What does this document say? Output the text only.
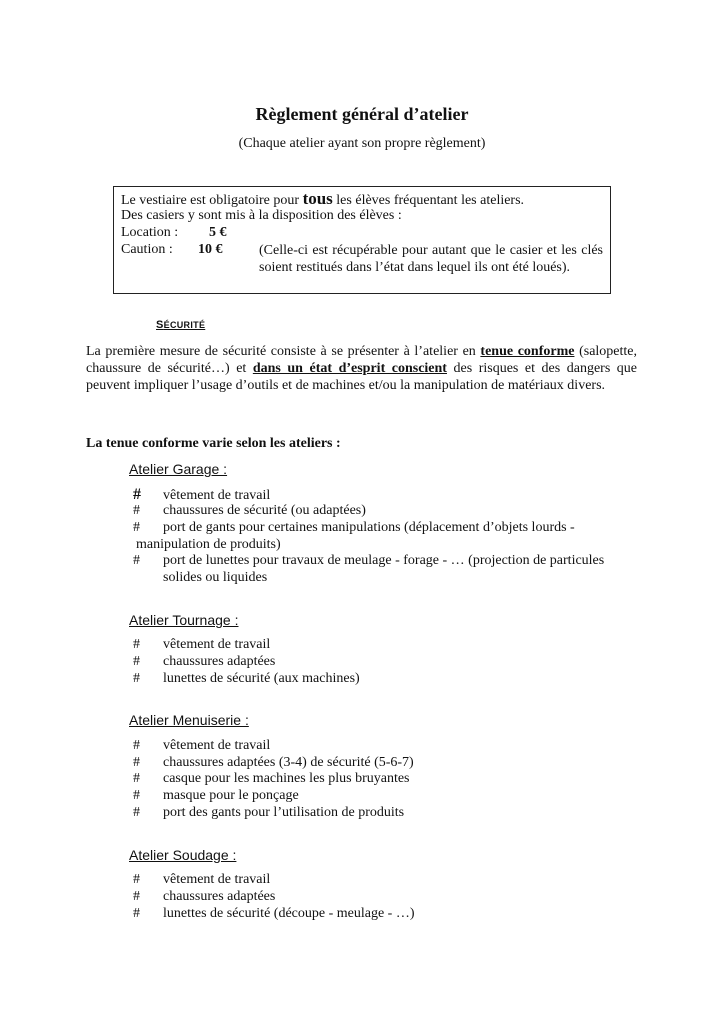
Règlement général d’atelier
(Chaque atelier ayant son propre règlement)
Le vestiaire est obligatoire pour tous les élèves fréquentant les ateliers.
Des casiers y sont mis à la disposition des élèves :
Location : 5 €
Caution : 10 €	(Celle-ci est récupérable pour autant que le casier et les clés soient restitués dans l’état dans lequel ils ont été loués).
SÉCURITÉ
La première mesure de sécurité consiste à se présenter à l’atelier en tenue conforme (salopette, chaussure de sécurité…) et dans un état d’esprit conscient des risques et des dangers que peuvent impliquer l’usage d’outils et de machines et/ou la manipulation de matériaux divers.
La tenue conforme varie selon les ateliers :
Atelier Garage :
# vêtement de travail
# chaussures de sécurité (ou adaptées)
# port de gants pour certaines manipulations (déplacement d’objets lourds -
manipulation de produits)
# port de lunettes pour travaux de meulage - forage - … (projection de particules
solides ou liquides
Atelier Tournage :
# vêtement de travail
# chaussures adaptées
# lunettes de sécurité (aux machines)
Atelier Menuiserie :
# vêtement de travail
# chaussures adaptées (3-4) de sécurité (5-6-7)
# casque pour les machines les plus bruyantes
# masque pour le ponçage
# port des gants pour l’utilisation de produits
Atelier Soudage :
# vêtement de travail
# chaussures adaptées
# lunettes de sécurité (découpe - meulage - …)
